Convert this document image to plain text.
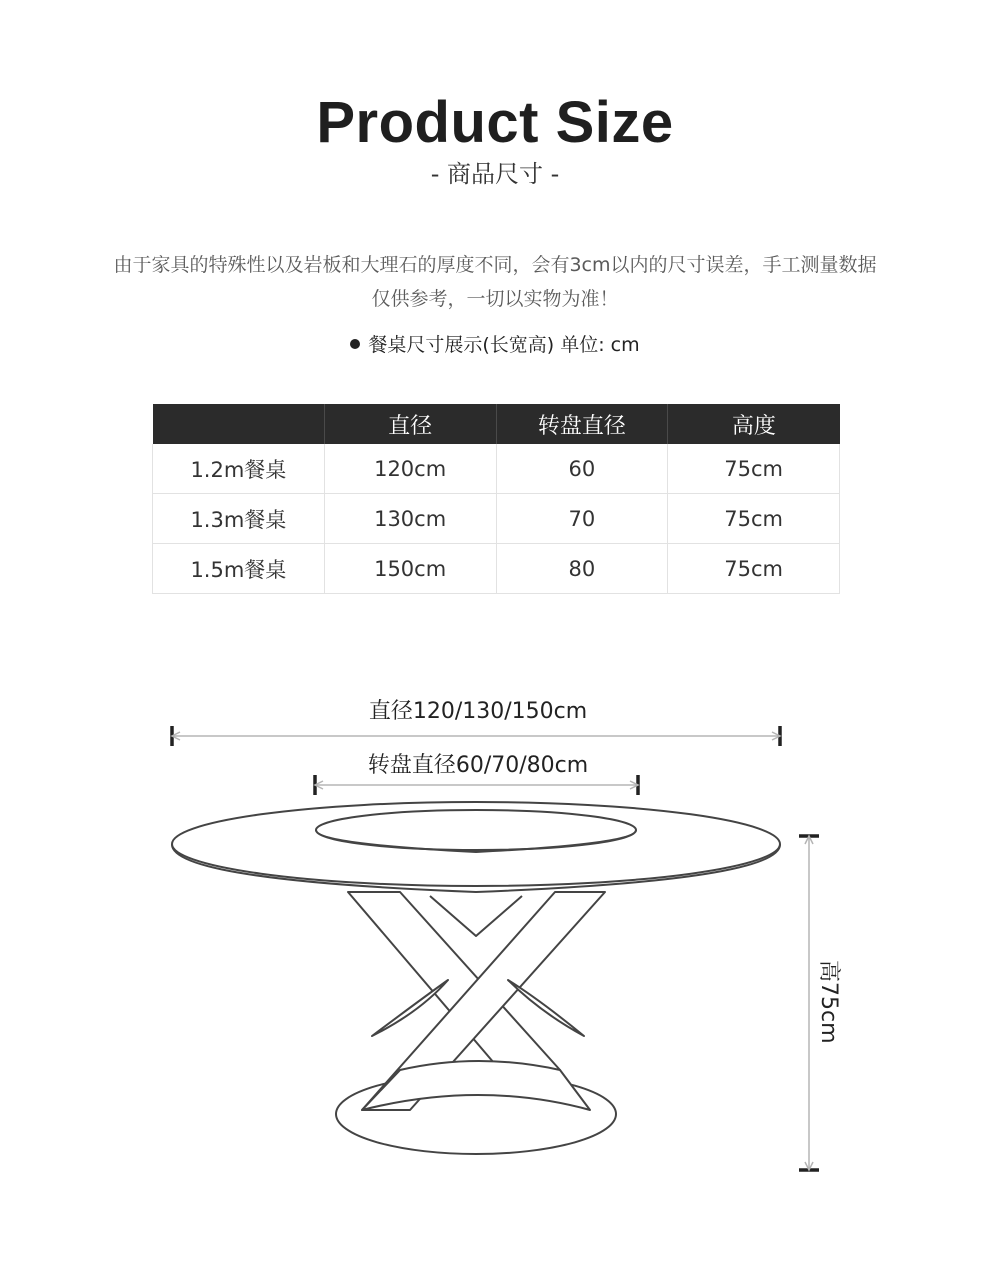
Product Size
- 商品尺寸 -
由于家具的特殊性以及岩板和大理石的厚度不同，会有3cm以内的尺寸误差，手工测量数据
仅供参考，一切以实物为准！
餐桌尺寸展示(长宽高) 单位: cm
	直径	转盘直径	高度
1.2m餐桌	120cm	60	75cm
1.3m餐桌	130cm	70	75cm
1.5m餐桌	150cm	80	75cm
直径120/130/150cm
转盘直径60/70/80cm
高75cm
